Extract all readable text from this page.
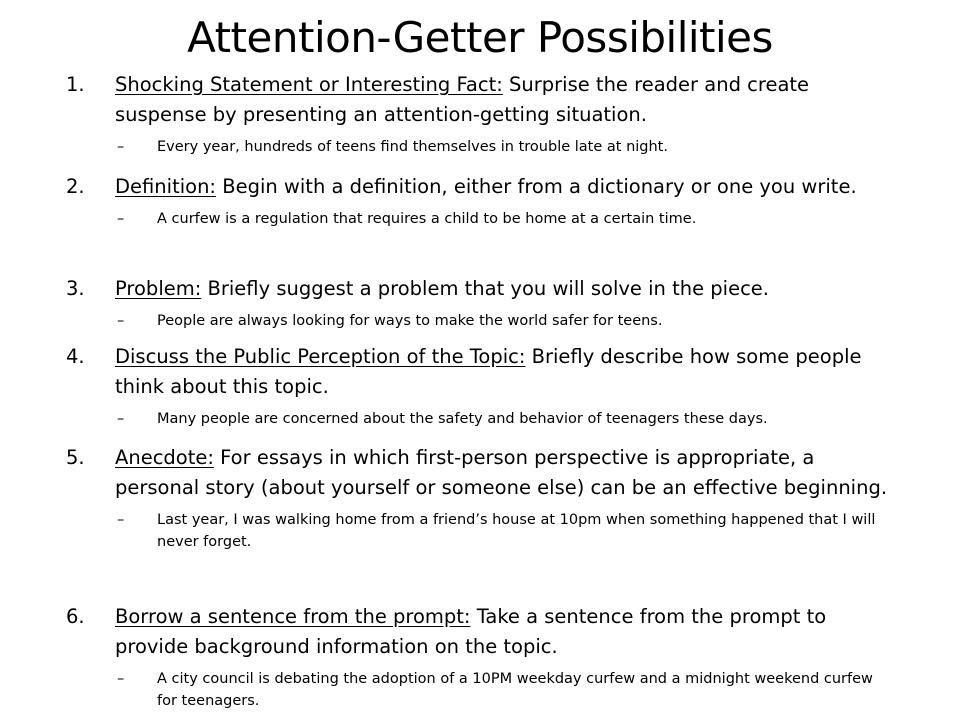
Attention-Getter Possibilities
1. Shocking Statement or Interesting Fact: Surprise the reader and create suspense by presenting an attention-getting situation.
– Every year, hundreds of teens find themselves in trouble late at night.
2. Definition: Begin with a definition, either from a dictionary or one you write.
– A curfew is a regulation that requires a child to be home at a certain time.
3. Problem: Briefly suggest a problem that you will solve in the piece.
– People are always looking for ways to make the world safer for teens.
4. Discuss the Public Perception of the Topic: Briefly describe how some people think about this topic.
– Many people are concerned about the safety and behavior of teenagers these days.
5. Anecdote: For essays in which first-person perspective is appropriate, a personal story (about yourself or someone else) can be an effective beginning.
– Last year, I was walking home from a friend’s house at 10pm when something happened that I will never forget.
6. Borrow a sentence from the prompt: Take a sentence from the prompt to provide background information on the topic.
– A city council is debating the adoption of a 10PM weekday curfew and a midnight weekend curfew for teenagers.
